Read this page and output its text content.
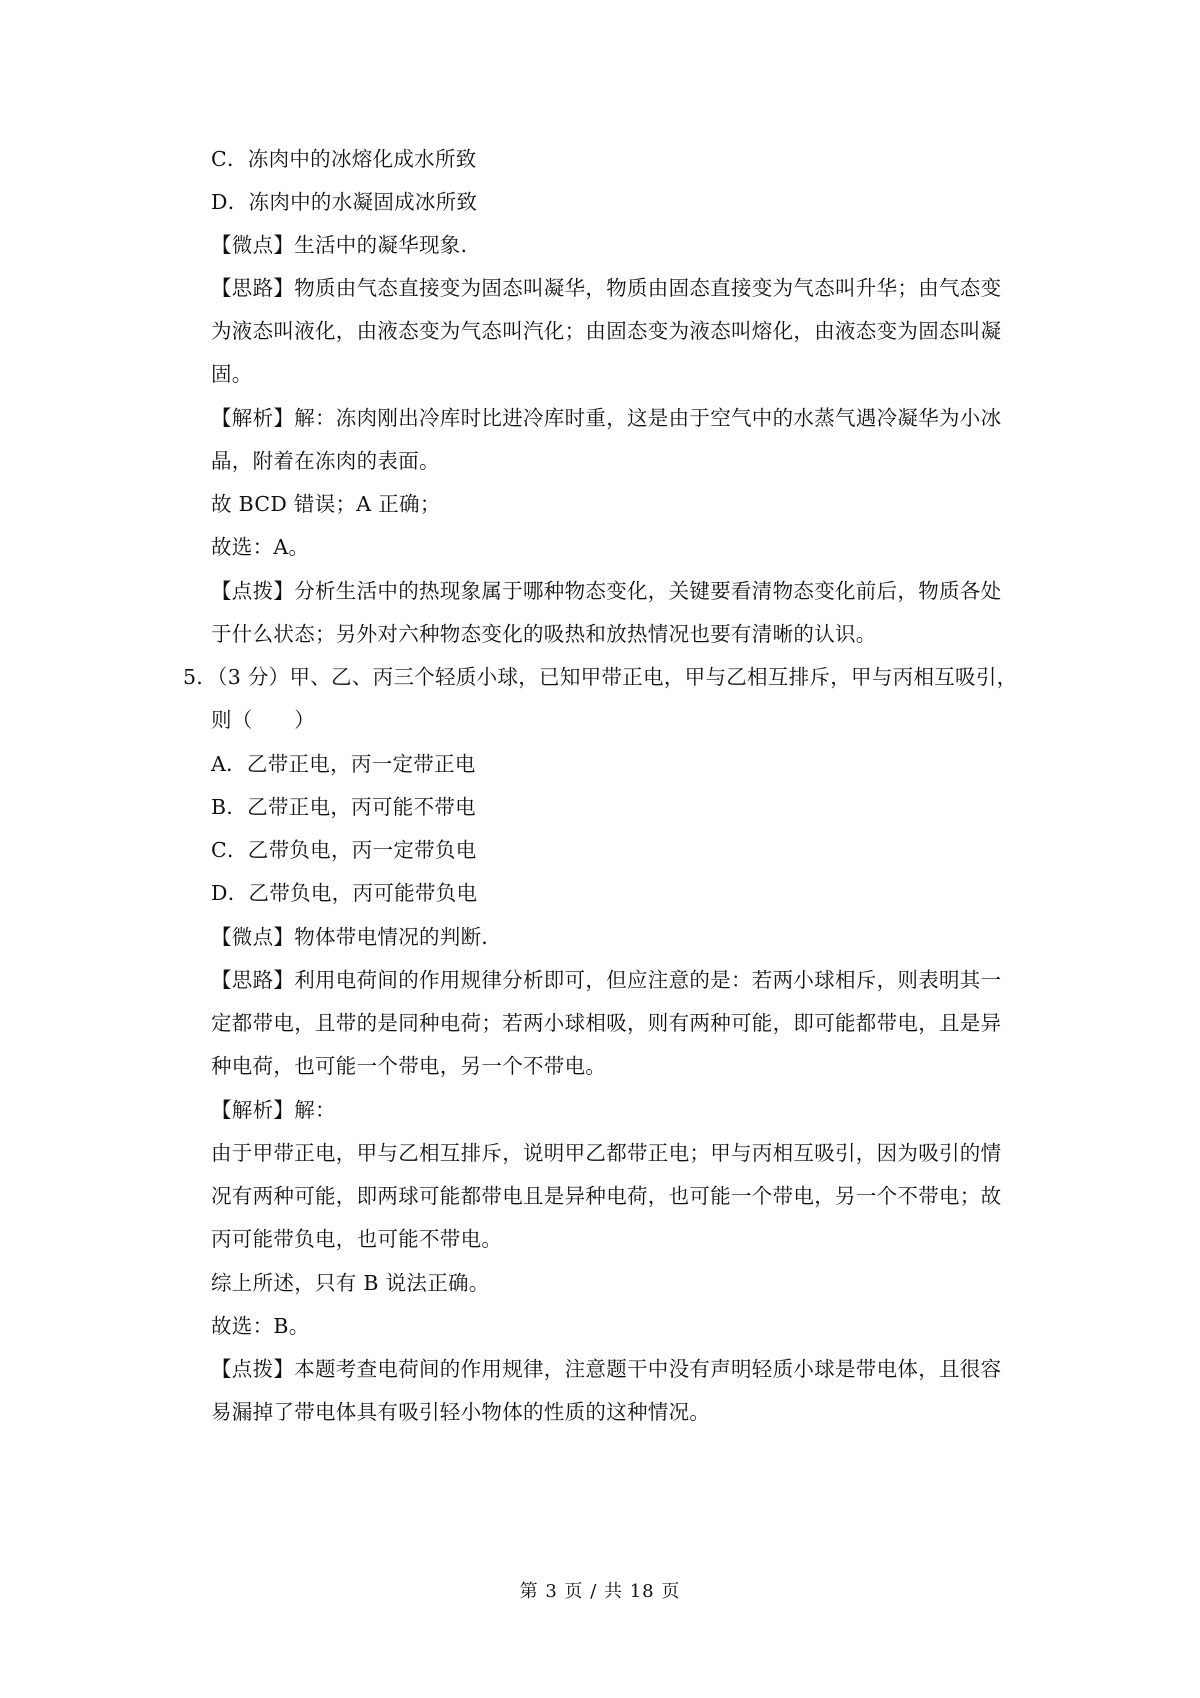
C．冻肉中的冰熔化成水所致
D．冻肉中的水凝固成冰所致
【微点】生活中的凝华现象．
【思路】物质由气态直接变为固态叫凝华，物质由固态直接变为气态叫升华；由气态变
为液态叫液化，由液态变为气态叫汽化；由固态变为液态叫熔化，由液态变为固态叫凝
固。
【解析】解：冻肉刚出冷库时比进冷库时重，这是由于空气中的水蒸气遇冷凝华为小冰
晶，附着在冻肉的表面。
故 BCD 错误；A 正确；
故选：A。
【点拨】分析生活中的热现象属于哪种物态变化，关键要看清物态变化前后，物质各处
于什么状态；另外对六种物态变化的吸热和放热情况也要有清晰的认识。
5．（3 分）甲、乙、丙三个轻质小球，已知甲带正电，甲与乙相互排斥，甲与丙相互吸引，
则（　　）
A．乙带正电，丙一定带正电
B．乙带正电，丙可能不带电
C．乙带负电，丙一定带负电
D．乙带负电，丙可能带负电
【微点】物体带电情况的判断．
【思路】利用电荷间的作用规律分析即可，但应注意的是：若两小球相斥，则表明其一
定都带电，且带的是同种电荷；若两小球相吸，则有两种可能，即可能都带电，且是异
种电荷，也可能一个带电，另一个不带电。
【解析】解：
由于甲带正电，甲与乙相互排斥，说明甲乙都带正电；甲与丙相互吸引，因为吸引的情
况有两种可能，即两球可能都带电且是异种电荷，也可能一个带电，另一个不带电；故
丙可能带负电，也可能不带电。
综上所述，只有 B 说法正确。
故选：B。
【点拨】本题考查电荷间的作用规律，注意题干中没有声明轻质小球是带电体，且很容
易漏掉了带电体具有吸引轻小物体的性质的这种情况。
第 3 页 / 共 18 页
